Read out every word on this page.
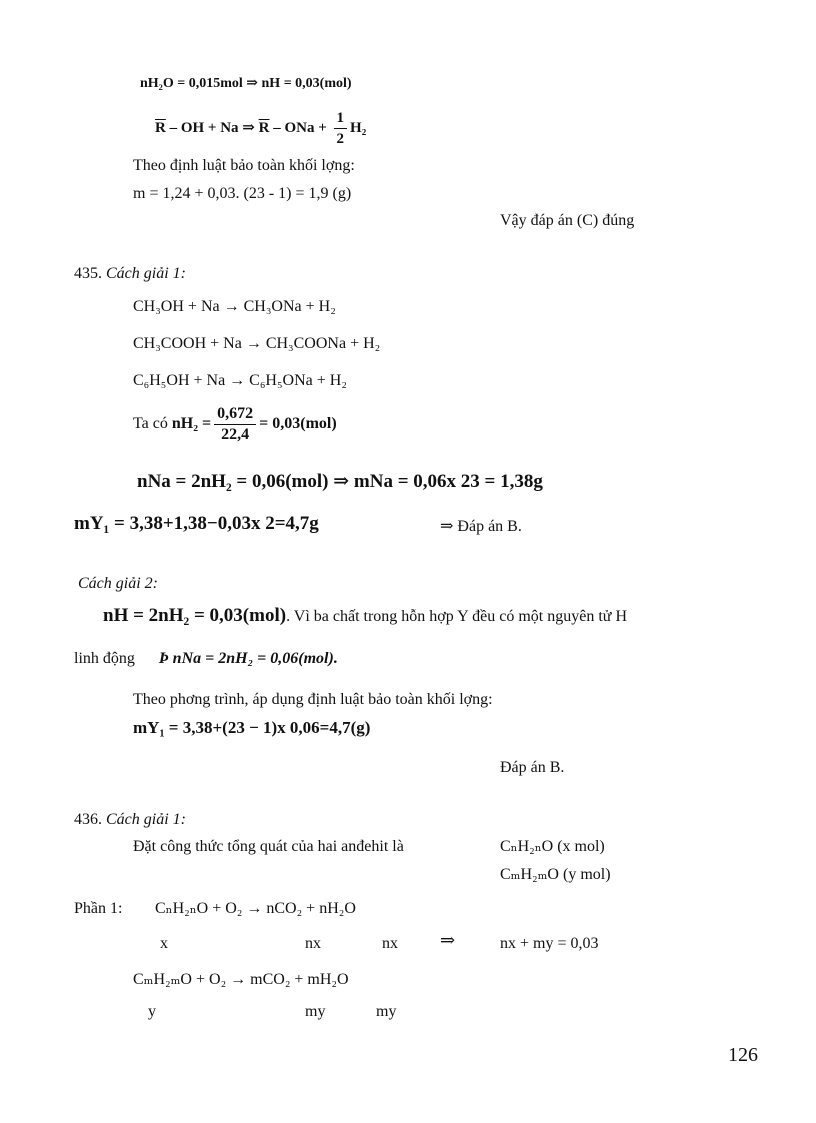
nH₂O = 0,015mol ⇒ nH = 0,03(mol)
$\overline{R}$ – OH + Na ⇒ $\overline{R}$ – ONa + $\frac{1}{2} H_2$
Theo định luật bảo toàn khối lợng:
m = 1,24 + 0,03. (23 - 1) = 1,9 (g)
Vậy đáp án (C) đúng
435. Cách giải 1:
CH₃OH + Na → CH₃ONa + H₂
CH₃COOH + Na → CH₃COONa + H₂
C₆H₅OH + Na → C₆H₅ONa + H₂
Ta có $nH_2 = \frac{0,672}{22,4} = 0,03(mol)$
nNa = 2nH₂ = 0,06(mol) ⇒ mNa = 0,06x 23 = 1,38g
mY₁ = 3,38+1,38−0,03x 2=4,7g	⇒ Đáp án B.
Cách giải 2:
nH = 2nH₂ = 0,03(mol). Vì ba chất trong hỗn hợp Y đều có một nguyên tử H
linh động Þ nNa = 2nH₂ = 0,06(mol).
Theo phơng trình, áp dụng định luật bảo toàn khối lợng:
mY₁ = 3,38+(23 − 1)x 0,06=4,7(g)
Đáp án B.
436. Cách giải 1:
Đặt công thức tổng quát của hai anđehit là	CₙH₂ₙO (x mol)
CₘH₂ₘO (y mol)
Phần 1: CₙH₂ₙO + O₂ → nCO₂ + nH₂O
x	nx	nx ⇒	nx + my = 0,03
CₘH₂ₘO + O₂ → mCO₂ + mH₂O
y	my	my
126
